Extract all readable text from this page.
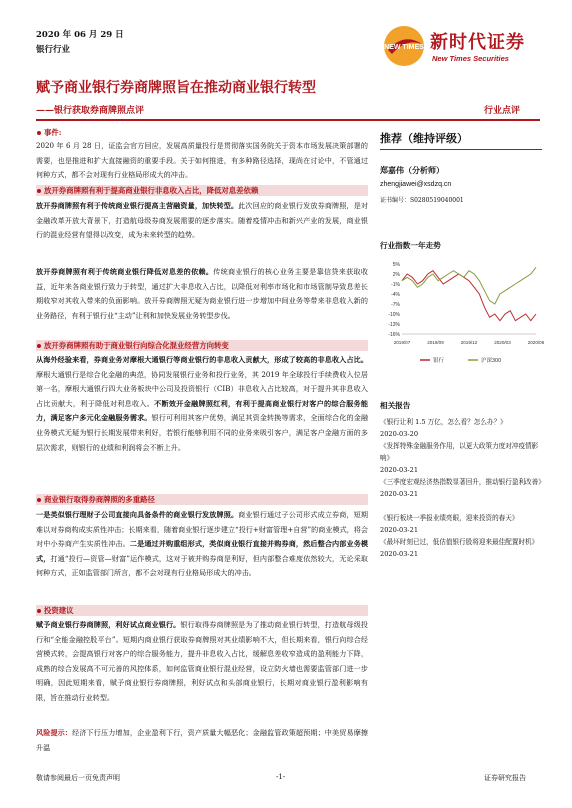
2020 年 06 月 29 日
银行行业	NEW TIMES 新时代证券
New Times Securities
赋予商业银行券商牌照旨在推动商业银行转型
——银行获取券商牌照点评	行业点评
事件:
2020 年 6 月 28 日，证监会官方回应，发展高质量投行是贯彻落实国务院关于资本市场发展决策部署的需要，也是推进和扩大直接融资的重要手段。关于如何推进，有多种路径选择，现尚在讨论中，不管通过何种方式，都不会对现有行业格局形成大的冲击。
放开券商牌照有利于提高商业银行非息收入占比，降低对息差依赖
放开券商牌照有利于传统商业银行提高主营融资量，加快转型。此次回应的商业银行发放券商牌照，是对金融改革开放大背景下，打造航母级券商发展需要的逐步落实。随着疫情冲击和新兴产业的发展，商业银行的混业经营有望得以改变，成为未来转型的趋势。
放开券商牌照有利于传统商业银行降低对息差的依赖。传统商业银行的核心业务主要是靠信贷来获取收益，近年来各商业银行致力于转型，通过扩大非息收入占比，以降低对利率市场化和市场管制导致息差长期收窄对其收入带来的负面影响。放开券商牌照无疑为商业银行进一步增加中间业务等带来非息收入新的业务路径，有利于银行业“主动”让利和加快发展业务转型步伐。
放开券商牌照有助于商业银行向综合化混业经营方向转变
从海外经验来看，券商业务对摩根大通银行等商业银行的非息收入贡献大，形成了较高的非息收入占比。摩根大通银行是综合化金融的典范，协同发展银行业务和投行业务，其 2019 年全球投行手续费收入位居第一名，摩根大通银行四大业务板块中公司及投资银行（CIB）非息收入占比较高，对于提升其非息收入占比贡献大，利于降低对利息收入。不断效开金融牌照红利，有利于提高商业银行对客户的综合服务能力，满足客户多元化金融服务需求。银行可利用其客户优势，满足其资金转换等需求，全面综合化的金融业务模式无疑为银行长期发展带来利好，若银行能够利用不同的业务来吸引客户，满足客户金融方面的多层次需求，则银行的业绩和利润将会不断上升。
商业银行取得券商牌照的多重路径
一是类似银行理财子公司直接向具备条件的商业银行发放牌照。商业银行通过子公司形式成立券商，短期难以对券商构成实质性冲击；长期来看，随着商业银行逐步建立“投行+财富管理+自营”的商业模式，将会对中小券商产生实质性冲击。二是通过并购重组形式，类似商业银行直接并购券商，然后整合内部业务模式，打通“投行—资管—财富”运作模式，这对于被并购券商是利好，但内部整合难度依然较大，无论采取何种方式，正如监管部门所言，都不会对现有行业格局形成大的冲击。
投资建议
赋予商业银行券商牌照，利好试点商业银行。银行取得券商牌照是为了推动商业银行转型，打造航母级投行和“全能金融控股平台”。短期内商业银行获取券商牌照对其业绩影响不大，但长期来看，银行向综合经营模式转，会提高银行对客户的综合服务能力，提升非息收入占比，缓解息差收窄造成的盈利能力下降，成熟的综合发展高不可元善的风控体系，如何监管商业银行混业经营，设立防火墙也需要监管部门进一步明确，因此短期来看，赋予商业银行券商牌照，利好试点和头部商业银行，长期对商业银行盈利影响有限，旨在推动行业转型。
风险提示：经济下行压力增加，企业盈利下行，资产质量大幅恶化；金融监管政策超预期；中美贸易摩擦升温
推荐（维持评级）
郑嘉伟（分析师）
zhengjiawei@xsdzq.cn
证书编号：S0280519040001
行业指数一年走势
5%
2%
-1%
-4%
-7%
-10%
-13%
-16%
2019/07	2019/09	2019/12	2020/03	2020/06
银行	沪深300
相关报告
《银行让利 1.5 万亿，怎么看？怎么办？》
2020-03-20
《发挥特殊金融服务作用，以更大政策力度对冲疫情影响》
2020-03-21
《三季度宏观经济热指数显著回升，推动银行盈利改善》
2020-03-21
《银行板块一季报业绩亮眼，迎来投资的春天》
2020-03-21
《最坏时刻已过，低估值银行股将迎来最佳配置时机》
2020-03-21
敬请参阅最后一页免责声明	-1-	证券研究报告
